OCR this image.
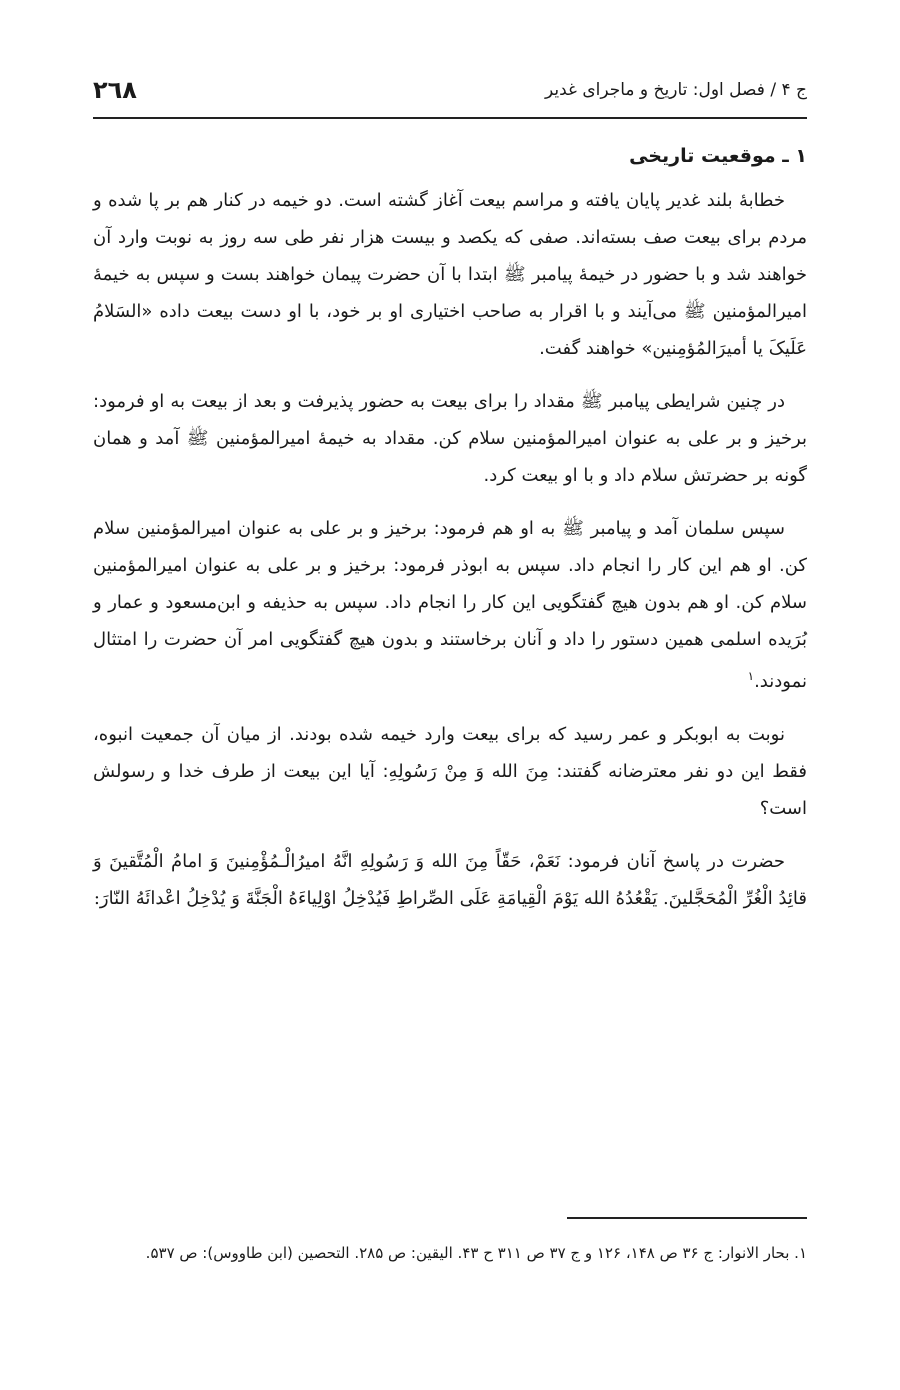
ج ۴ / فصل اول: تاریخ و ماجرای غدیر
٢٦٨
١ ـ موقعیت تاریخی

خطابهٔ بلند غدیر پایان یافته و مراسم بیعت آغاز گشته است. دو خیمه در کنار هم بر پا شده و مردم برای بیعت صف بسته‌اند. صفی که یکصد و بیست هزار نفر طی سه روز به نوبت وارد آن خواهند شد و با حضور در خیمهٔ پیامبر ﷺ ابتدا با آن حضرت پیمان خواهند بست و سپس به خیمهٔ امیرالمؤمنین ﷺ می‌آیند و با اقرار به صاحب اختیاری او بر خود، با او دست بیعت داده «السَلامُ عَلَیکَ یا أمیرَالمُؤمِنین» خواهند گفت.

در چنین شرایطی پیامبر ﷺ مقداد را برای بیعت به حضور پذیرفت و بعد از بیعت به او فرمود: برخیز و بر علی به عنوان امیرالمؤمنین سلام کن. مقداد به خیمهٔ امیرالمؤمنین ﷺ آمد و همان گونه بر حضرتش سلام داد و با او بیعت کرد.

سپس سلمان آمد و پیامبر ﷺ به او هم فرمود: برخیز و بر علی به عنوان امیرالمؤمنین سلام کن. او هم این کار را انجام داد. سپس به ابوذر فرمود: برخیز و بر علی به عنوان امیرالمؤمنین سلام کن. او هم بدون هیچ گفتگویی این کار را انجام داد. سپس به حذیفه و ابن‌مسعود و عمار و بُرَیده اسلمی همین دستور را داد و آنان برخاستند و بدون هیچ گفتگویی امر آن حضرت را امتثال نمودند.$^١$

نوبت به ابوبکر و عمر رسید که برای بیعت وارد خیمه شده بودند. از میان آن جمعیت انبوه، فقط این دو نفر معترضانه گفتند: مِنَ الله وَ مِنْ رَسُولِهِ: آیا این بیعت از طرف خدا و رسولش است؟

حضرت در پاسخ آنان فرمود: نَعَمْ، حَقّاً مِنَ الله وَ رَسُولِهِ انَّهُ امیرُالْـمُؤْمِنینَ وَ امامُ الْمُتَّقینَ وَ قائِدُ الْغُرِّ الْمُحَجَّلینَ. یَقْعُدُهُ الله یَوْمَ الْقِیامَةِ عَلَى الصِّراطِ فَیُدْخِلُ اوْلِیاءَهُ الْجَنَّةَ وَ یُدْخِلُ اعْدائَهُ النّارَ:

١. بحار الانوار: ج ٣۶ ص ١۴٨، ١٢۶ و ج ٣٧ ص ٣١١ ح ۴٣. الیقین: ص ٢٨۵. التحصین (ابن طاووس): ص ۵٣٧.
